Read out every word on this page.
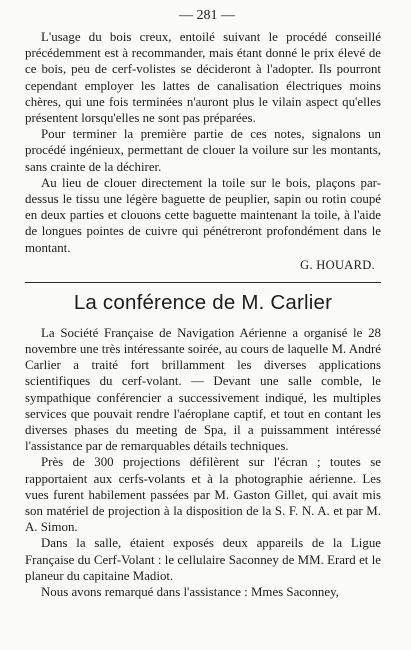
— 281 —

L'usage du bois creux, entoilé suivant le procédé conseillé précédemment est à recommander, mais étant donné le prix élevé de ce bois, peu de cerf-volistes se décideront à l'adopter. Ils pourront cependant employer les lattes de canalisation électriques moins chères, qui une fois terminées n'auront plus le vilain aspect qu'elles présentent lorsqu'elles ne sont pas préparées.

Pour terminer la première partie de ces notes, signalons un procédé ingénieux, permettant de clouer la voilure sur les montants, sans crainte de la déchirer.

Au lieu de clouer directement la toile sur le bois, plaçons par-dessus le tissu une légère baguette de peuplier, sapin ou rotin coupé en deux parties et clouons cette baguette maintenant la toile, à l'aide de longues pointes de cuivre qui pénétreront profondément dans le montant.

G. HOUARD.
La conférence de M. Carlier

La Société Française de Navigation Aérienne a organisé le 28 novembre une très intéressante soirée, au cours de laquelle M. André Carlier a traité fort brillamment les diverses applications scientifiques du cerf-volant. — Devant une salle comble, le sympathique conférencier a successivement indiqué, les multiples services que pouvait rendre l'aéroplane captif, et tout en contant les diverses phases du meeting de Spa, il a puissamment intéressé l'assistance par de remarquables détails techniques.

Près de 300 projections défilèrent sur l'écran ; toutes se rapportaient aux cerfs-volants et à la photographie aérienne. Les vues furent habilement passées par M. Gaston Gillet, qui avait mis son matériel de projection à la disposition de la S. F. N. A. et par M. A. Simon.

Dans la salle, étaient exposés deux appareils de la Ligue Française du Cerf-Volant : le cellulaire Saconney de MM. Erard et le planeur du capitaine Madiot.

Nous avons remarqué dans l'assistance : Mmes Saconney,
